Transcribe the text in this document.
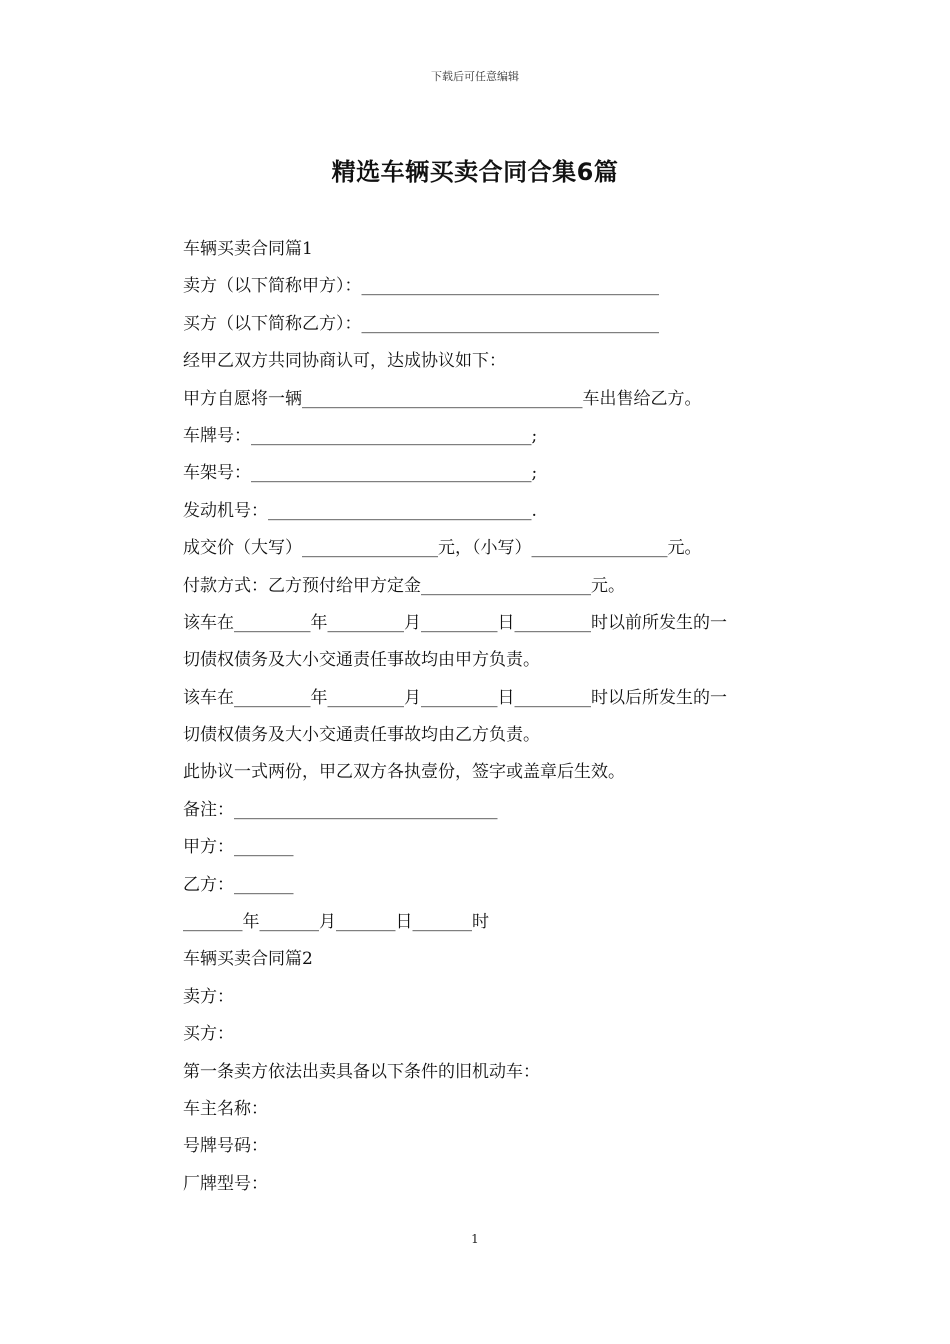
下载后可任意编辑
精选车辆买卖合同合集6篇
车辆买卖合同篇1
卖方（以下简称甲方）：___________________________________
买方（以下简称乙方）：___________________________________
经甲乙双方共同协商认可，达成协议如下：
甲方自愿将一辆_________________________________车出售给乙方。
车牌号：_________________________________;
车架号：_________________________________;
发动机号：_______________________________.
成交价（大写）________________元，（小写）________________元。
付款方式：乙方预付给甲方定金____________________元。
该车在_________年_________月_________日_________时以前所发生的一
切债权债务及大小交通责任事故均由甲方负责。
该车在_________年_________月_________日_________时以后所发生的一
切债权债务及大小交通责任事故均由乙方负责。
此协议一式两份，甲乙双方各执壹份，签字或盖章后生效。
备注：_______________________________
甲方：_______
乙方：_______
_______年_______月_______日_______时
车辆买卖合同篇2
卖方：
买方：
第一条卖方依法出卖具备以下条件的旧机动车：
车主名称：
号牌号码：
厂牌型号：
1
